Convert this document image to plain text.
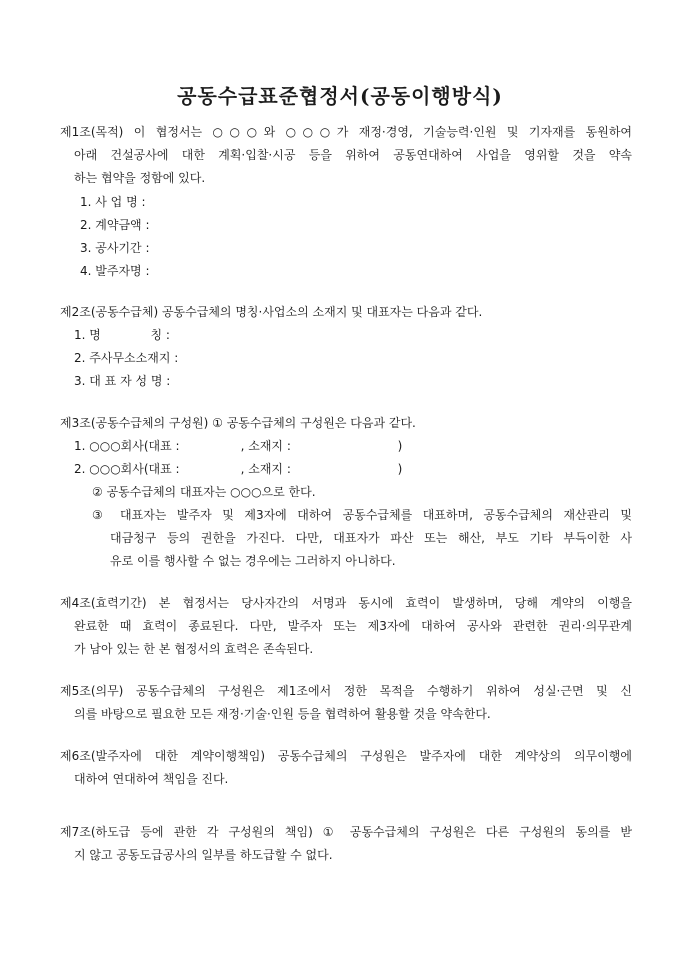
공동수급표준협정서(공동이행방식)
제1조(목적) 이 협정서는 ○○○와 ○○○가 재정·경영, 기술능력·인원 및 기자재를 동원하여
아래 건설공사에 대한 계획·입찰·시공 등을 위하여 공동연대하여 사업을 영위할 것을 약속
하는 협약을 정함에 있다.
1. 사 업 명 :
2. 계약금액 :
3. 공사기간 :
4. 발주자명 :
제2조(공동수급체) 공동수급체의 명칭·사업소의 소재지 및 대표자는 다음과 같다.
1. 명             칭 :
2. 주사무소소재지 :
3. 대 표 자 성 명 :
제3조(공동수급체의 구성원) ① 공동수급체의 구성원은 다음과 같다.
1. ○○○회사(대표 :                , 소재지 :                            )
2. ○○○회사(대표 :                , 소재지 :                            )
② 공동수급체의 대표자는 ○○○으로 한다.
③ 대표자는 발주자 및 제3자에 대하여 공동수급체를 대표하며, 공동수급체의 재산관리 및
대금청구 등의 권한을 가진다. 다만, 대표자가 파산 또는 해산, 부도 기타 부득이한 사
유로 이를 행사할 수 없는 경우에는 그러하지 아니하다.
제4조(효력기간) 본 협정서는 당사자간의 서명과 동시에 효력이 발생하며, 당해 계약의 이행을
완료한 때 효력이 종료된다. 다만, 발주자 또는 제3자에 대하여 공사와 관련한 권리·의무관계
가 남아 있는 한 본 협정서의 효력은 존속된다.
제5조(의무) 공동수급체의 구성원은 제1조에서 정한 목적을 수행하기 위하여 성실·근면 및 신
의를 바탕으로 필요한 모든 재정·기술·인원 등을 협력하여 활용할 것을 약속한다.
제6조(발주자에 대한 계약이행책임) 공동수급체의 구성원은 발주자에 대한 계약상의 의무이행에
대하여 연대하여 책임을 진다.
제7조(하도급 등에 관한 각 구성원의 책임) ① 공동수급체의 구성원은 다른 구성원의 동의를 받
지 않고 공동도급공사의 일부를 하도급할 수 없다.
